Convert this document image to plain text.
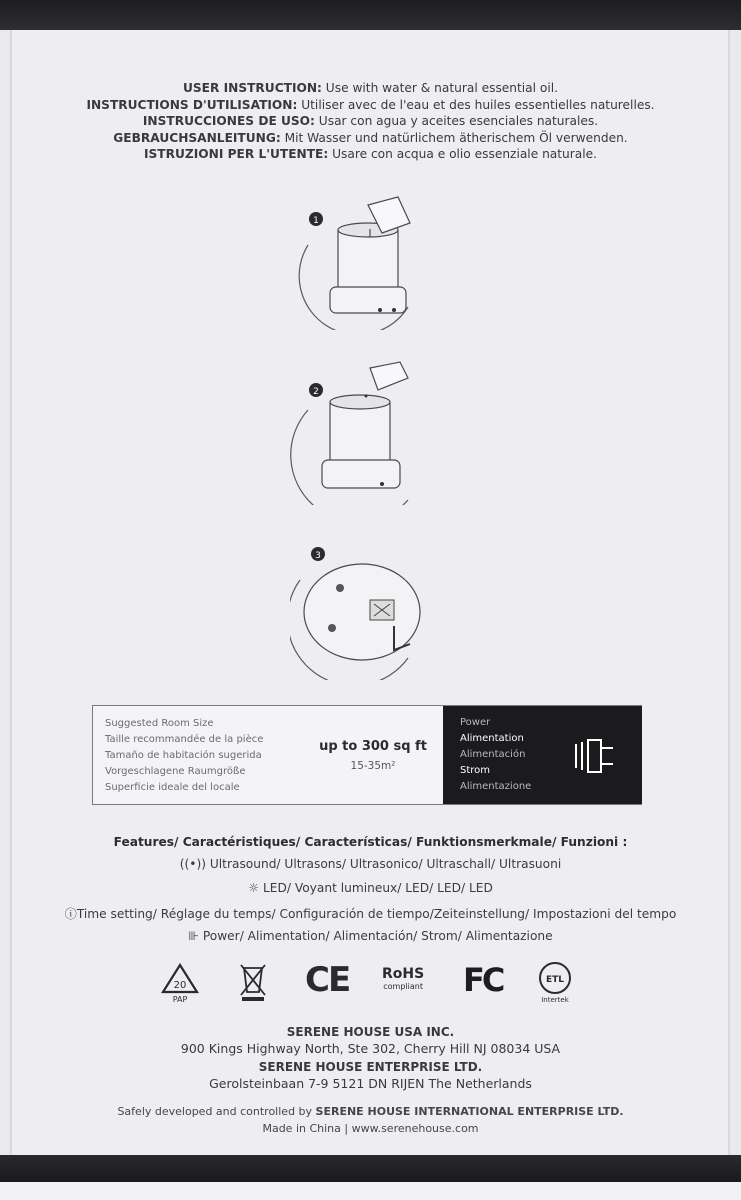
USER INSTRUCTION: Use with water & natural essential oil.
INSTRUCTIONS D'UTILISATION: Utiliser avec de l'eau et des huiles essentielles naturelles.
INSTRUCCIONES DE USO: Usar con agua y aceites esenciales naturales.
GEBRAUCHSANLEITUNG: Mit Wasser und natürlichem ätherischem Öl verwenden.
ISTRUZIONI PER L'UTENTE: Usare con acqua e olio essenziale naturale.
1
2
3
Suggested Room Size
Taille recommandée de la pièce
Tamaño de habitación sugerida
Vorgeschlagene Raumgröße
Superficie ideale del locale
up to 300 sq ft
15-35m²
Power
Alimentation
Alimentación
Strom
Alimentazione
Features/ Caractéristiques/ Características/ Funktionsmerkmale/ Funzioni :
((•)) Ultrasound/ Ultrasons/ Ultrasonico/ Ultraschall/ Ultrasuoni
☼ LED/ Voyant lumineux/ LED/ LED/ LED
ⓘTime setting/ Réglage du temps/ Configuración de tiempo/Zeiteinstellung/ Impostazioni del tempo
⊪ Power/ Alimentation/ Alimentación/ Strom/ Alimentazione
20
PAP	CE RoHS
compliant FC	ETL
Intertek
SERENE HOUSE USA INC.
900 Kings Highway North, Ste 302, Cherry Hill NJ 08034 USA
SERENE HOUSE ENTERPRISE LTD.
Gerolsteinbaan 7-9 5121 DN RIJEN The Netherlands
Safely developed and controlled by SERENE HOUSE INTERNATIONAL ENTERPRISE LTD.
Made in China | www.serenehouse.com
